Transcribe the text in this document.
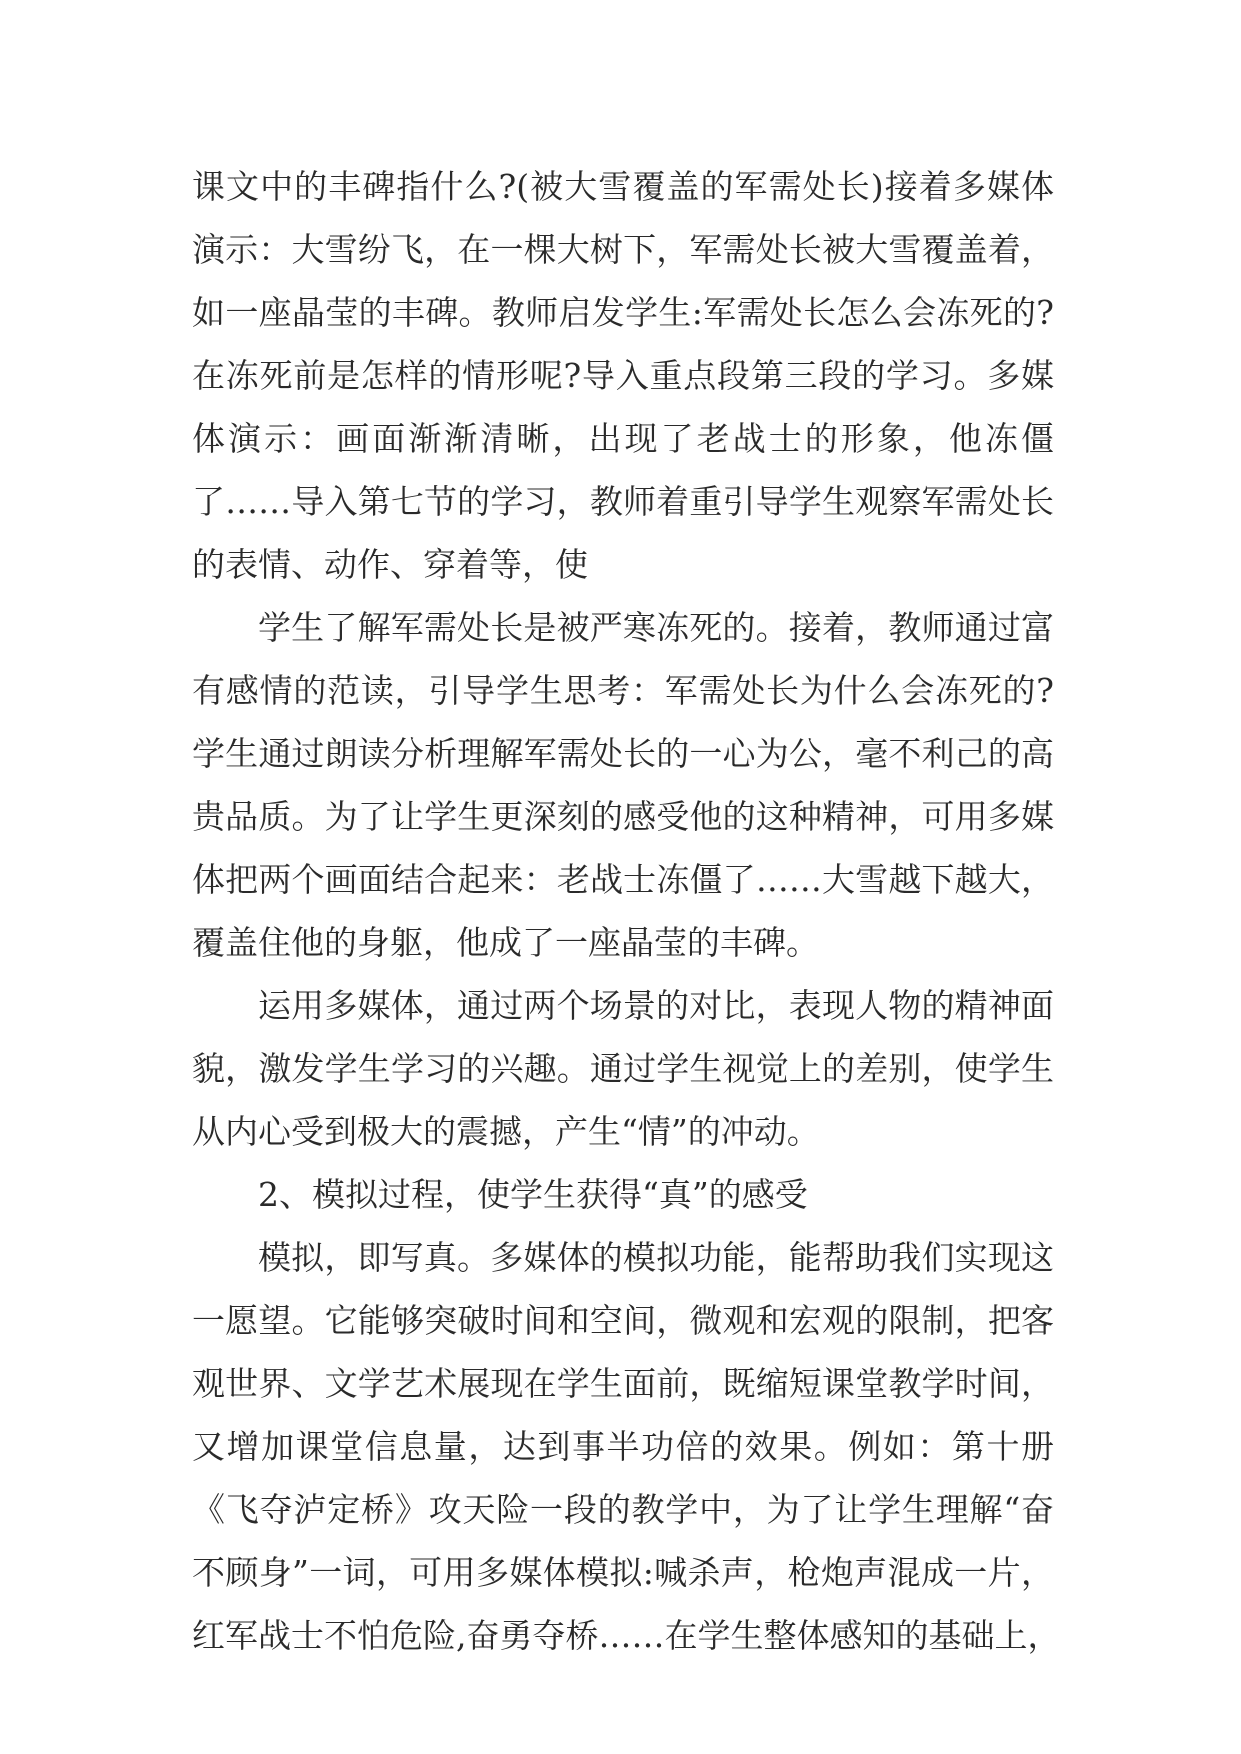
课文中的丰碑指什么?(被大雪覆盖的军需处长)接着多媒体
演示：大雪纷飞，在一棵大树下，军需处长被大雪覆盖着，
如一座晶莹的丰碑。教师启发学生:军需处长怎么会冻死的?
在冻死前是怎样的情形呢?导入重点段第三段的学习。多媒
体演示：画面渐渐清晰，出现了老战士的形象，他冻僵
了……导入第七节的学习，教师着重引导学生观察军需处长
的表情、动作、穿着等，使
学生了解军需处长是被严寒冻死的。接着，教师通过富
有感情的范读，引导学生思考：军需处长为什么会冻死的?
学生通过朗读分析理解军需处长的一心为公，毫不利己的高
贵品质。为了让学生更深刻的感受他的这种精神，可用多媒
体把两个画面结合起来：老战士冻僵了……大雪越下越大，
覆盖住他的身躯，他成了一座晶莹的丰碑。
运用多媒体，通过两个场景的对比，表现人物的精神面
貌，激发学生学习的兴趣。通过学生视觉上的差别，使学生
从内心受到极大的震撼，产生“情”的冲动。
2、模拟过程，使学生获得“真”的感受
模拟，即写真。多媒体的模拟功能，能帮助我们实现这
一愿望。它能够突破时间和空间，微观和宏观的限制，把客
观世界、文学艺术展现在学生面前，既缩短课堂教学时间，
又增加课堂信息量，达到事半功倍的效果。例如：第十册
《飞夺泸定桥》攻天险一段的教学中，为了让学生理解“奋
不顾身”一词，可用多媒体模拟:喊杀声，枪炮声混成一片，
红军战士不怕危险,奋勇夺桥……在学生整体感知的基础上，
